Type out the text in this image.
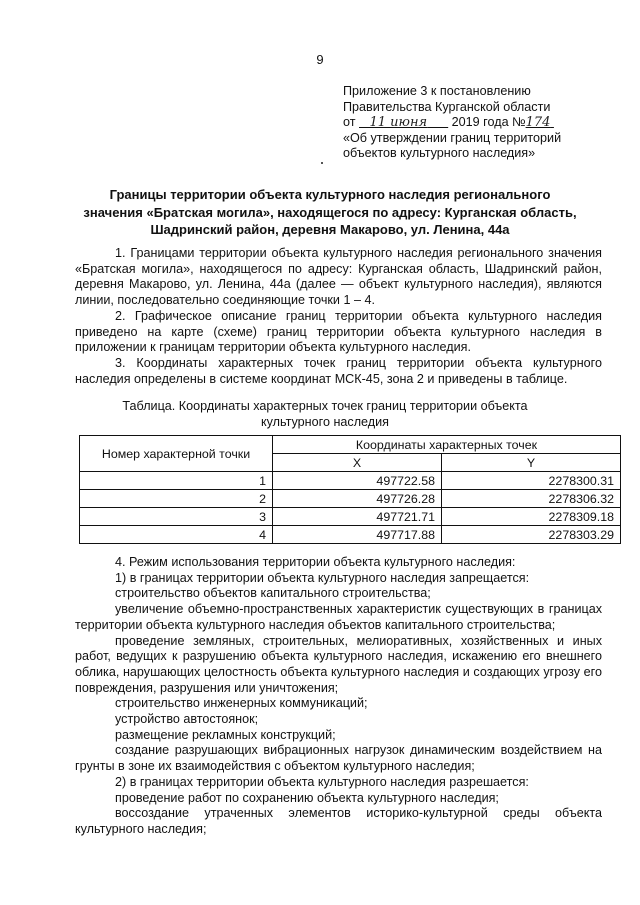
9
Приложение 3 к постановлению
Правительства Курганской области
от 11 июня 2019 года №174
«Об утверждении границ территорий
объектов культурного наследия»
Границы территории объекта культурного наследия регионального
значения «Братская могила», находящегося по адресу: Курганская область,
Шадринский район, деревня Макарово, ул. Ленина, 44а

1. Границами территории объекта культурного наследия регионального значения «Братская могила», находящегося по адресу: Курганская область, Шадринский район, деревня Макарово, ул. Ленина, 44а (далее — объект культурного наследия), являются линии, последовательно соединяющие точки 1 – 4.

2. Графическое описание границ территории объекта культурного наследия приведено на карте (схеме) границ территории объекта культурного наследия в приложении к границам территории объекта культурного наследия.

3. Координаты характерных точек границ территории объекта культурного наследия определены в системе координат МСК-45, зона 2 и приведены в таблице.

Таблица. Координаты характерных точек границ территории объекта культурного наследия
Номер характерной точки	Координаты характерных точек	
	X	Y
1	497722.58	2278300.31
2	497726.28	2278306.32
3	497721.71	2278309.18
4	497717.88	2278303.29

4. Режим использования территории объекта культурного наследия:

1) в границах территории объекта культурного наследия запрещается:

строительство объектов капитального строительства;

увеличение объемно-пространственных характеристик существующих в границах территории объекта культурного наследия объектов капитального строительства;

проведение земляных, строительных, мелиоративных, хозяйственных и иных работ, ведущих к разрушению объекта культурного наследия, искажению его внешнего облика, нарушающих целостность объекта культурного наследия и создающих угрозу его повреждения, разрушения или уничтожения;

строительство инженерных коммуникаций;

устройство автостоянок;

размещение рекламных конструкций;

создание разрушающих вибрационных нагрузок динамическим воздействием на грунты в зоне их взаимодействия с объектом культурного наследия;

2) в границах территории объекта культурного наследия разрешается:

проведение работ по сохранению объекта культурного наследия;

воссоздание утраченных элементов историко-культурной среды объекта культурного наследия;
